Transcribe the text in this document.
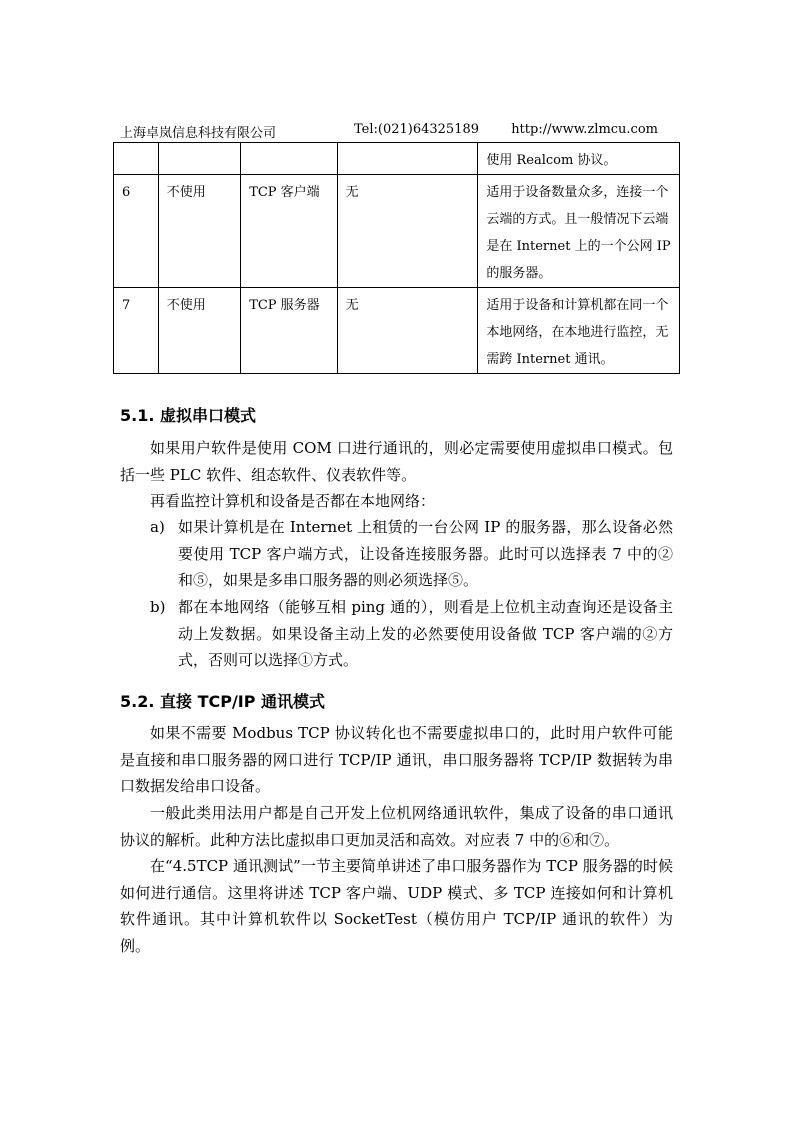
上海卓岚信息科技有限公司	Tel:(021)64325189 http://www.zlmcu.com
				使用 Realcom 协议。
6	不使用	TCP 客户端	无	适用于设备数量众多，连接一个云端的方式。且一般情况下云端是在 Internet 上的一个公网 IP 的服务器。
7	不使用	TCP 服务器	无	适用于设备和计算机都在同一个本地网络，在本地进行监控，无需跨 Internet 通讯。
5.1. 虚拟串口模式
如果用户软件是使用 COM 口进行通讯的，则必定需要使用虚拟串口模式。包括一些 PLC 软件、组态软件、仪表软件等。
再看监控计算机和设备是否都在本地网络：
a) 如果计算机是在 Internet 上租赁的一台公网 IP 的服务器，那么设备必然要使用 TCP 客户端方式，让设备连接服务器。此时可以选择表 7 中的②和⑤，如果是多串口服务器的则必须选择⑤。
b) 都在本地网络（能够互相 ping 通的），则看是上位机主动查询还是设备主动上发数据。如果设备主动上发的必然要使用设备做 TCP 客户端的②方式，否则可以选择①方式。
5.2. 直接 TCP/IP 通讯模式
如果不需要 Modbus TCP 协议转化也不需要虚拟串口的，此时用户软件可能是直接和串口服务器的网口进行 TCP/IP 通讯，串口服务器将 TCP/IP 数据转为串口数据发给串口设备。
一般此类用法用户都是自己开发上位机网络通讯软件，集成了设备的串口通讯协议的解析。此种方法比虚拟串口更加灵活和高效。对应表 7 中的⑥和⑦。
在“4.5TCP 通讯测试”一节主要简单讲述了串口服务器作为 TCP 服务器的时候如何进行通信。这里将讲述 TCP 客户端、UDP 模式、多 TCP 连接如何和计算机软件通讯。其中计算机软件以 SocketTest（模仿用户 TCP/IP 通讯的软件）为例。
